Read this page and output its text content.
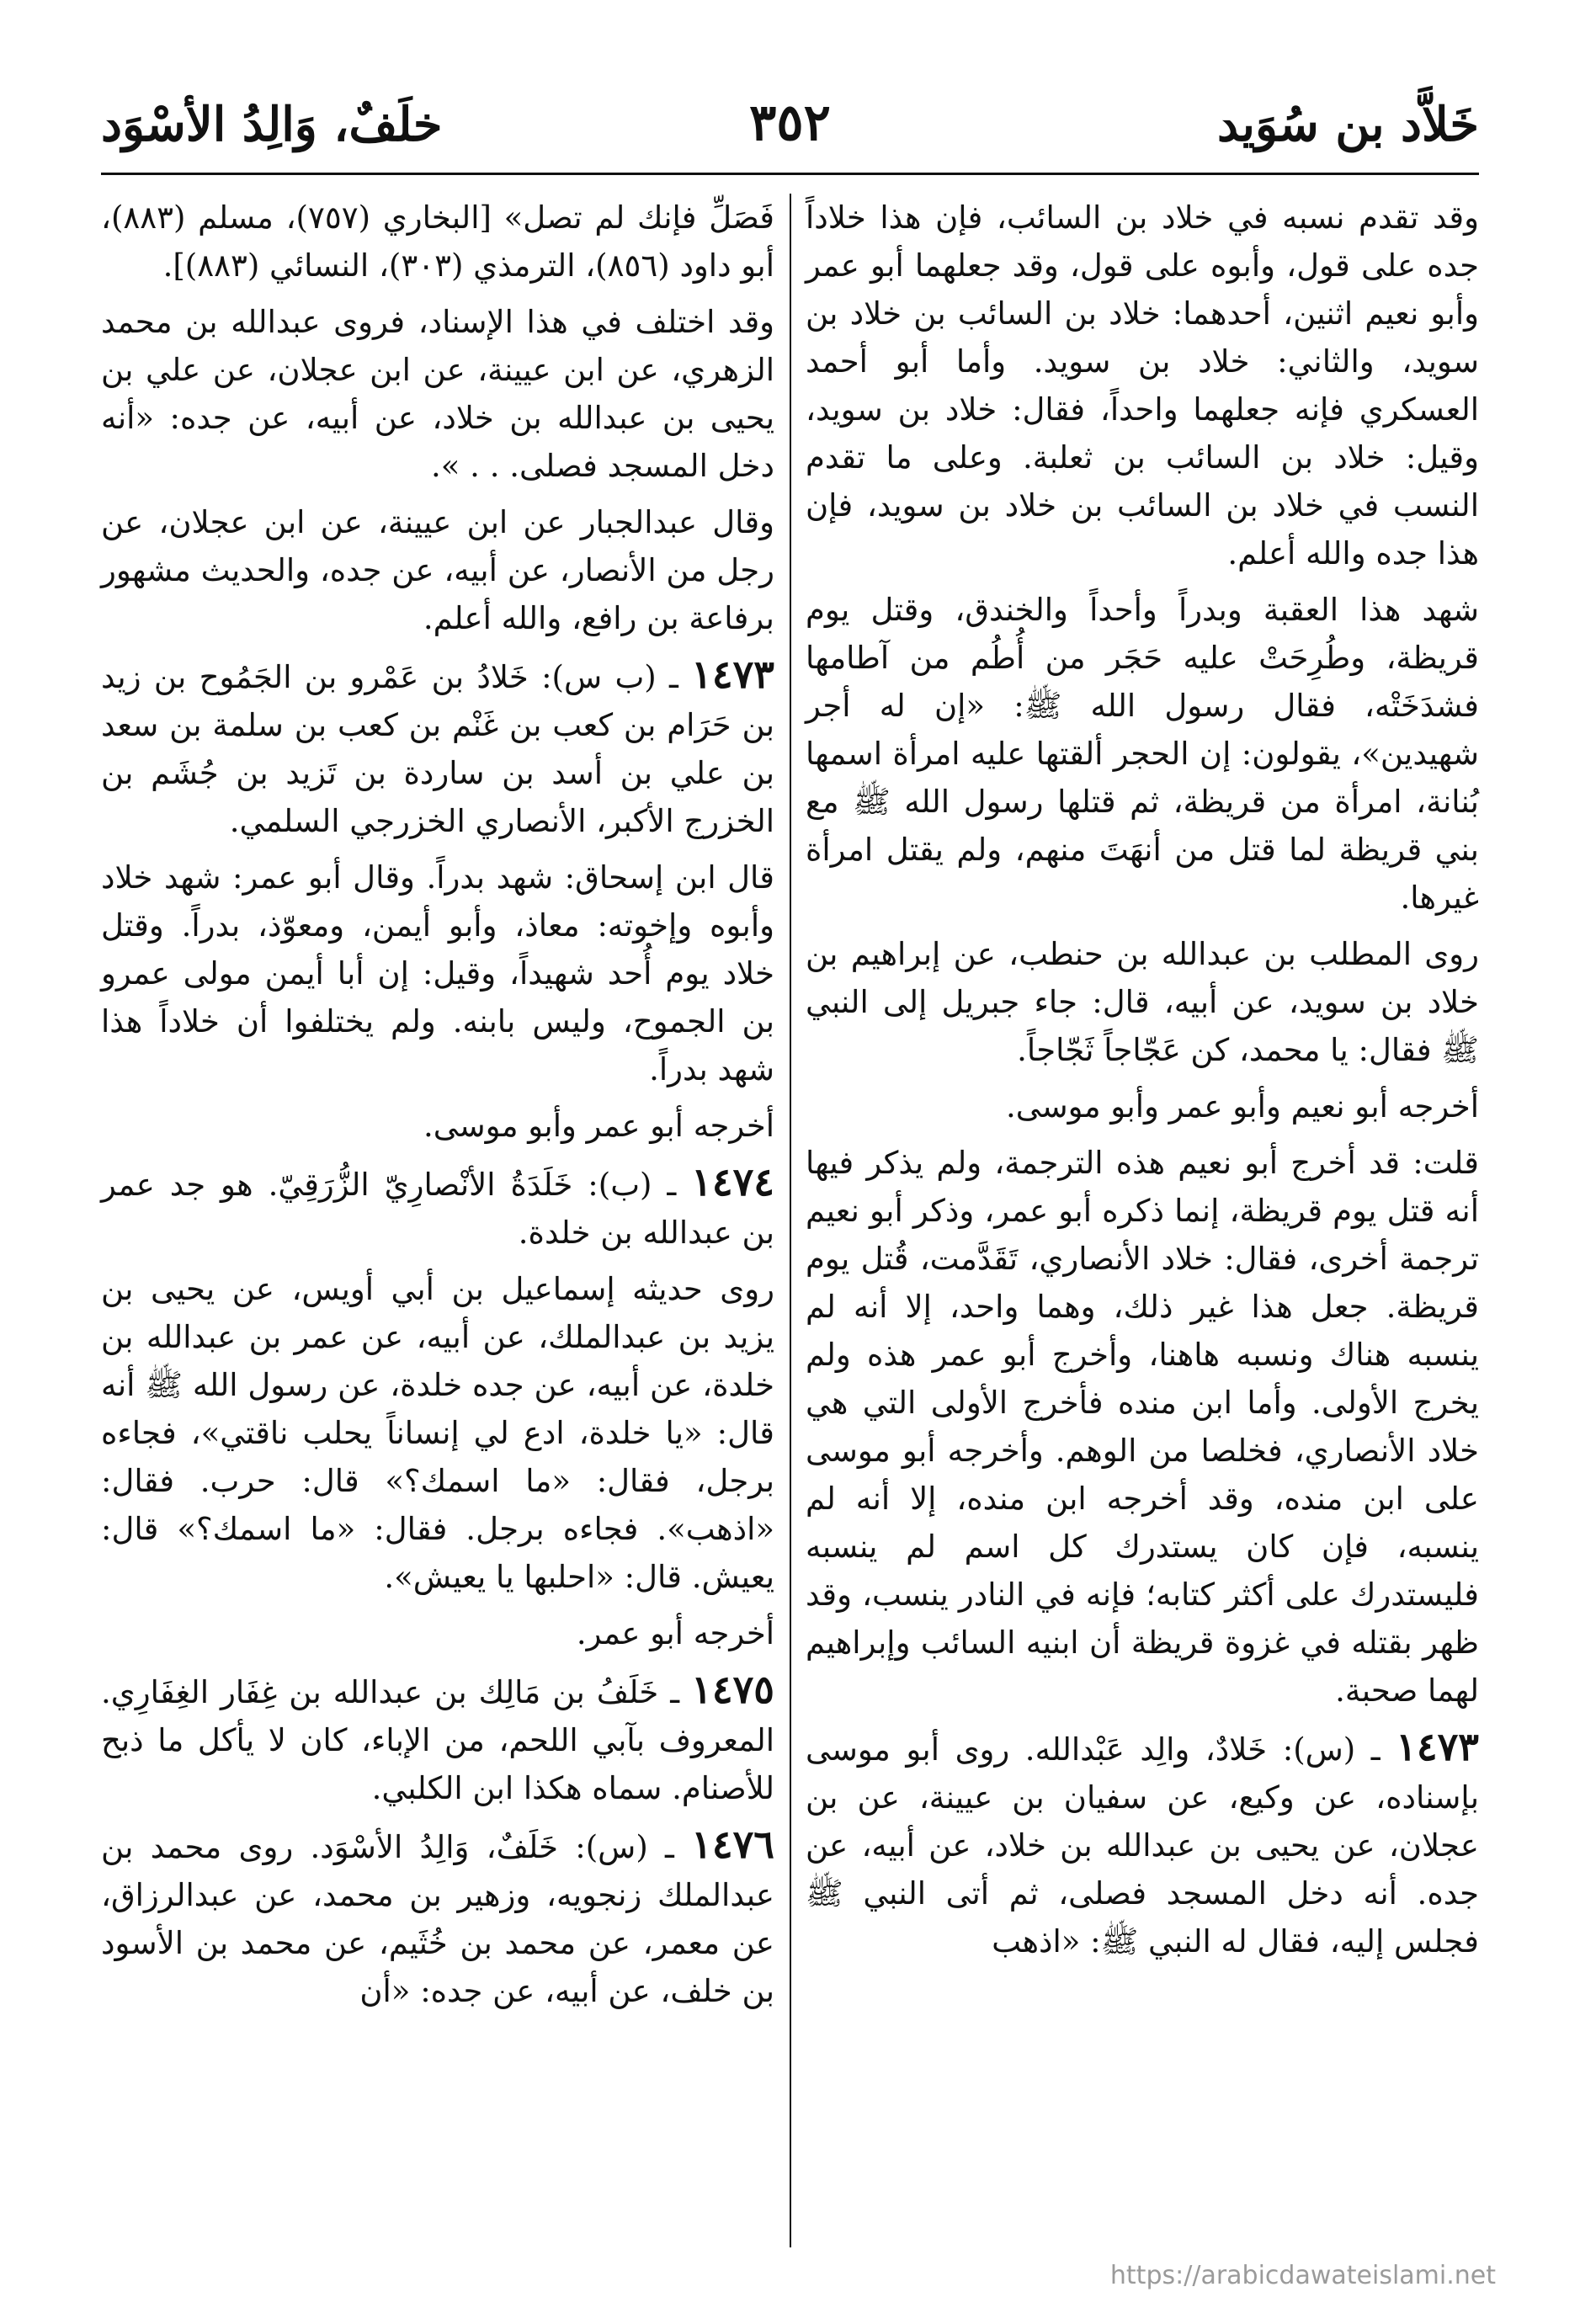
خَلاَّد بن سُوَيد
٣٥٢
خلَفٌ، وَالِدُ الأسْوَد

وقد تقدم نسبه في خلاد بن السائب، فإن هذا خلاداً جده على قول، وأبوه على قول، وقد جعلهما أبو عمر وأبو نعيم اثنين، أحدهما: خلاد بن السائب بن خلاد بن سويد، والثاني: خلاد بن سويد. وأما أبو أحمد العسكري فإنه جعلهما واحداً، فقال: خلاد بن سويد، وقيل: خلاد بن السائب بن ثعلبة. وعلى ما تقدم النسب في خلاد بن السائب بن خلاد بن سويد، فإن هذا جده والله أعلم.

شهد هذا العقبة وبدراً وأحداً والخندق، وقتل يوم قريظة، وطُرِحَتْ عليه حَجَر من أُطُم من آطامها فشدَخَتْه، فقال رسول الله ﷺ: «إن له أجر شهيدين»، يقولون: إن الحجر ألقتها عليه امرأة اسمها بُنانة، امرأة من قريظة، ثم قتلها رسول الله ﷺ مع بني قريظة لما قتل من أنهَتَ منهم، ولم يقتل امرأة غيرها.

روى المطلب بن عبدالله بن حنطب، عن إبراهيم بن خلاد بن سويد، عن أبيه، قال: جاء جبريل إلى النبي ﷺ فقال: يا محمد، كن عَجّاجاً ثَجّاجاً.

أخرجه أبو نعيم وأبو عمر وأبو موسى.

قلت: قد أخرج أبو نعيم هذه الترجمة، ولم يذكر فيها أنه قتل يوم قريظة، إنما ذكره أبو عمر، وذكر أبو نعيم ترجمة أخرى، فقال: خلاد الأنصاري، تَقَدَّمت، قُتل يوم قريظة. جعل هذا غير ذلك، وهما واحد، إلا أنه لم ينسبه هناك ونسبه هاهنا، وأخرج أبو عمر هذه ولم يخرج الأولى. وأما ابن منده فأخرج الأولى التي هي خلاد الأنصاري، فخلصا من الوهم. وأخرجه أبو موسى على ابن منده، وقد أخرجه ابن منده، إلا أنه لم ينسبه، فإن كان يستدرك كل اسم لم ينسبه فليستدرك على أكثر كتابه؛ فإنه في النادر ينسب، وقد ظهر بقتله في غزوة قريظة أن ابنيه السائب وإبراهيم لهما صحبة.

١٤٧٣ ـ (س): خَلادٌ، والِد عَبْدالله. روى أبو موسى بإسناده، عن وكيع، عن سفيان بن عيينة، عن بن عجلان، عن يحيى بن عبدالله بن خلاد، عن أبيه، عن جده. أنه دخل المسجد فصلى، ثم أتى النبي ﷺ فجلس إليه، فقال له النبي ﷺ: «اذهب

فَصَلِّ فإنك لم تصل» [البخاري (٧٥٧)، مسلم (٨٨٣)، أبو داود (٨٥٦)، الترمذي (٣٠٣)، النسائي (٨٨٣)].

وقد اختلف في هذا الإسناد، فروى عبدالله بن محمد الزهري، عن ابن عيينة، عن ابن عجلان، عن علي بن يحيى بن عبدالله بن خلاد، عن أبيه، عن جده: «أنه دخل المسجد فصلى. . . ».

وقال عبدالجبار عن ابن عيينة، عن ابن عجلان، عن رجل من الأنصار، عن أبيه، عن جده، والحديث مشهور برفاعة بن رافع، والله أعلم.

١٤٧٣ ـ (ب س): خَلادُ بن عَمْرو بن الجَمُوح بن زيد بن حَرَام بن كعب بن غَنْم بن كعب بن سلمة بن سعد بن علي بن أسد بن ساردة بن تَزيد بن جُشَم بن الخزرج الأكبر، الأنصاري الخزرجي السلمي.

قال ابن إسحاق: شهد بدراً. وقال أبو عمر: شهد خلاد وأبوه وإخوته: معاذ، وأبو أيمن، ومعوّذ، بدراً. وقتل خلاد يوم أُحد شهيداً، وقيل: إن أبا أيمن مولى عمرو بن الجموح، وليس بابنه. ولم يختلفوا أن خلاداً هذا شهد بدراً.

أخرجه أبو عمر وأبو موسى.

١٤٧٤ ـ (ب): خَلَدَةُ الأنْصارِيّ الزُّرَقِيّ. هو جد عمر بن عبدالله بن خلدة.

روى حديثه إسماعيل بن أبي أويس، عن يحيى بن يزيد بن عبدالملك، عن أبيه، عن عمر بن عبدالله بن خلدة، عن أبيه، عن جده خلدة، عن رسول الله ﷺ أنه قال: «يا خلدة، ادع لي إنساناً يحلب ناقتي»، فجاءه برجل، فقال: «ما اسمك؟» قال: حرب. فقال: «اذهب». فجاءه برجل. فقال: «ما اسمك؟» قال: يعيش. قال: «احلبها يا يعيش».

أخرجه أبو عمر.

١٤٧٥ ـ خَلَفُ بن مَالِك بن عبدالله بن غِفَار الغِفَارِي. المعروف بآبي اللحم، من الإباء، كان لا يأكل ما ذبح للأصنام. سماه هكذا ابن الكلبي.

١٤٧٦ ـ (س): خَلَفٌ، وَالِدُ الأسْوَد. روى محمد بن عبدالملك زنجويه، وزهير بن محمد، عن عبدالرزاق، عن معمر، عن محمد بن خُثَيم، عن محمد بن الأسود بن خلف، عن أبيه، عن جده: «أن

https://arabicdawateislami.net
